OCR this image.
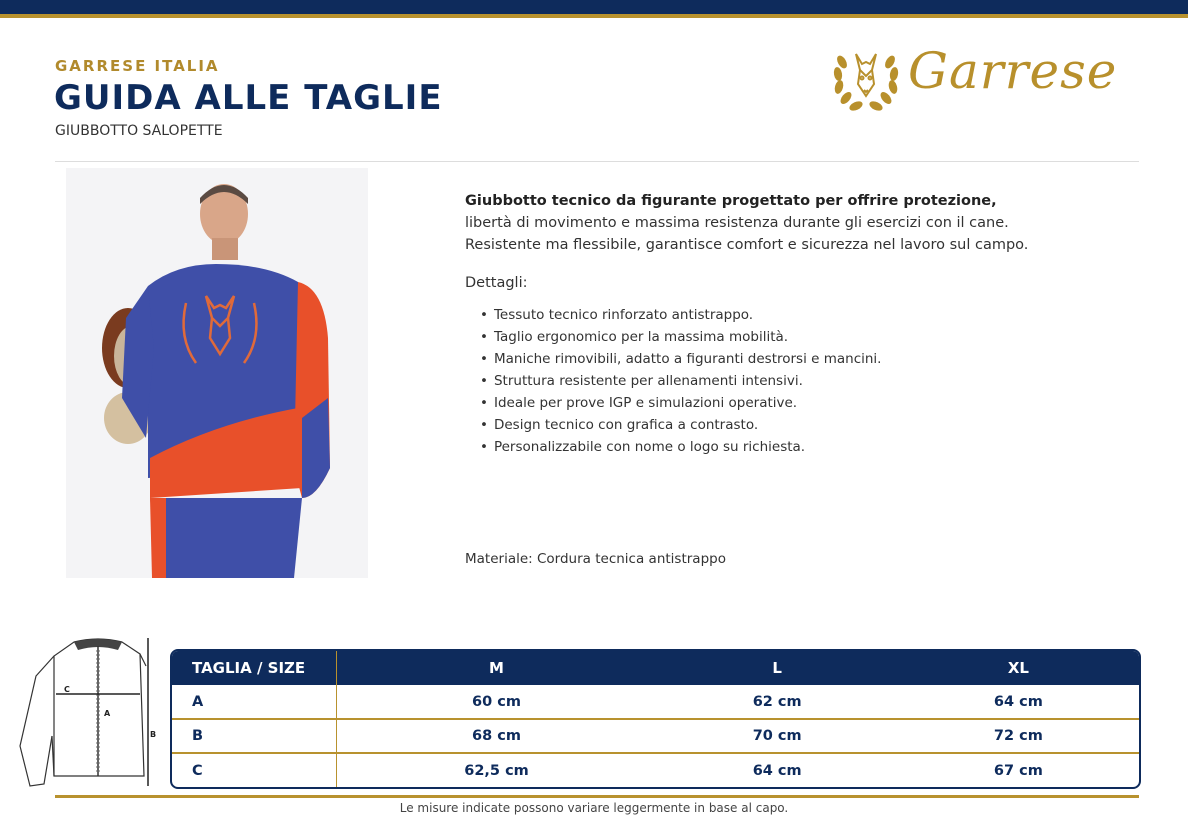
GARRESE ITALIA
GUIDA ALLE TAGLIE
GIUBBOTTO SALOPETTE
Garrese
Giubbotto tecnico da figurante progettato per offrire protezione,
libertà di movimento e massima resistenza durante gli esercizi con il cane.
Resistente ma flessibile, garantisce comfort e sicurezza nel lavoro sul campo.
Dettagli:
• Tessuto tecnico rinforzato antistrappo.
• Taglio ergonomico per la massima mobilità.
• Maniche rimovibili, adatto a figuranti destrorsi e mancini.
• Struttura resistente per allenamenti intensivi.
• Ideale per prove IGP e simulazioni operative.
• Design tecnico con grafica a contrasto.
• Personalizzabile con nome o logo su richiesta.
Materiale: Cordura tecnica antistrappo
C
A
B
TAGLIA / SIZE	M	L	XL
A	60 cm	62 cm	64 cm
B	68 cm	70 cm	72 cm
C	62,5 cm	64 cm	67 cm
Le misure indicate possono variare leggermente in base al capo.
